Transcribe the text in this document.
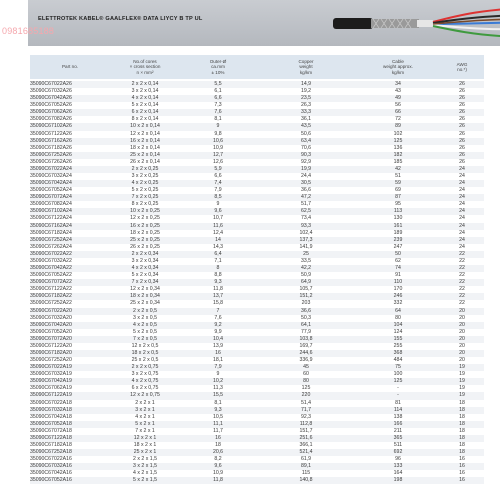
ELETTROTEK KABEL® GAALFLEX® DATA LIYCY B TP UL
0981685188
Part no.
No.of cores
× cross section
n × mm²
Outer-Ø
ca.mm
± 10%
Copper
weight
kg/km
Cable
weight approx.
kg/km
AWG
no.*)
35090C67022A26	2 x 2 x 0,14	5,5	14,9	34	26
35090C67032A26	3 x 2 x 0,14	6,1	19,2	43	26
35090C67042A26	4 x 2 x 0,14	6,6	23,5	49	26
35090C67052A26	5 x 2 x 0,14	7,3	26,3	56	26
35090C67062A26	6 x 2 x 0,14	7,6	33,3	66	26
35090C67082A26	8 x 2 x 0,14	8,1	36,1	72	26
35090C67102A26	10 x 2 x 0,14	9	43,5	89	26
35090C67122A26	12 x 2 x 0,14	9,8	50,6	102	26
35090C67162A26	16 x 2 x 0,14	10,6	63,4	125	26
35090C67182A26	18 x 2 x 0,14	10,9	70,6	136	26
35090C67252A26	25 x 2 x 0,14	12,7	90,3	182	26
35090C67262A26	26 x 2 x 0,14	12,6	92,9	185	26
35090C67022A24	2 x 2 x 0,25	5,9	19,9	42	24
35090C67032A24	3 x 2 x 0,25	6,6	24,4	51	24
35090C67042A24	4 x 2 x 0,25	7,4	30,5	59	24
35090C67052A24	5 x 2 x 0,25	7,9	36,6	69	24
35090C67072A24	7 x 2 x 0,25	8,5	47,2	87	24
35090C67082A24	8 x 2 x 0,25	9	51,7	95	24
35090C67102A24	10 x 2 x 0,25	9,6	62,5	113	24
35090C67122A24	12 x 2 x 0,25	10,7	73,4	130	24
35090C67162A24	16 x 2 x 0,25	11,6	93,3	161	24
35090C67182A24	18 x 2 x 0,25	12,4	102,4	189	24
35090C67252A24	25 x 2 x 0,25	14	137,3	239	24
35090C67262A24	26 x 2 x 0,25	14,3	141,9	247	24
35090C67022A22	2 x 2 x 0,34	6,4	25	50	22
35090C67032A22	3 x 2 x 0,34	7,1	33,5	62	22
35090C67042A22	4 x 2 x 0,34	8	42,2	74	22
35090C67052A22	5 x 2 x 0,34	8,8	50,9	91	22
35090C67072A22	7 x 2 x 0,34	9,3	64,9	110	22
35090C67122A22	12 x 2 x 0,34	11,8	105,7	170	22
35090C67182A22	18 x 2 x 0,34	13,7	151,2	246	22
35090C67252A22	25 x 2 x 0,34	15,8	203	332	22
35090C67022A20	2 x 2 x 0,5	7	36,6	64	20
35090C67032A20	3 x 2 x 0,5	7,6	50,3	80	20
35090C67042A20	4 x 2 x 0,5	9,2	64,1	104	20
35090C67052A20	5 x 2 x 0,5	9,9	77,9	124	20
35090C67072A20	7 x 2 x 0,5	10,4	103,8	155	20
35090C67122A20	12 x 2 x 0,5	13,9	169,7	255	20
35090C67182A20	18 x 2 x 0,5	16	244,6	368	20
35090C67252A20	25 x 2 x 0,5	18,1	336,9	484	20
35090C67022A19	2 x 2 x 0,75	7,9	45	75	19
35090C67032A19	3 x 2 x 0,75	9	60	100	19
35090C67042A19	4 x 2 x 0,75	10,2	80	125	19
35090C67062A19	6 x 2 x 0,75	11,3	125	-	19
35090C67122A19	12 x 2 x 0,75	15,5	220	-	19
35090C67022A18	2 x 2 x 1	8,1	51,4	81	18
35090C67032A18	3 x 2 x 1	9,3	71,7	114	18
35090C67042A18	4 x 2 x 1	10,5	92,3	138	18
35090C67052A18	5 x 2 x 1	11,1	112,8	166	18
35090C67072A18	7 x 2 x 1	11,7	151,7	211	18
35090C67122A18	12 x 2 x 1	16	251,6	365	18
35090C67182A18	18 x 2 x 1	18	366,1	511	18
35090C67252A18	25 x 2 x 1	20,6	521,4	692	18
35090C67022A16	2 x 2 x 1,5	8,2	61,9	96	16
35090C67032A16	3 x 2 x 1,5	9,6	89,1	133	16
35090C67042A16	4 x 2 x 1,5	10,9	115	164	16
35090C67052A16	5 x 2 x 1,5	11,8	140,8	198	16
